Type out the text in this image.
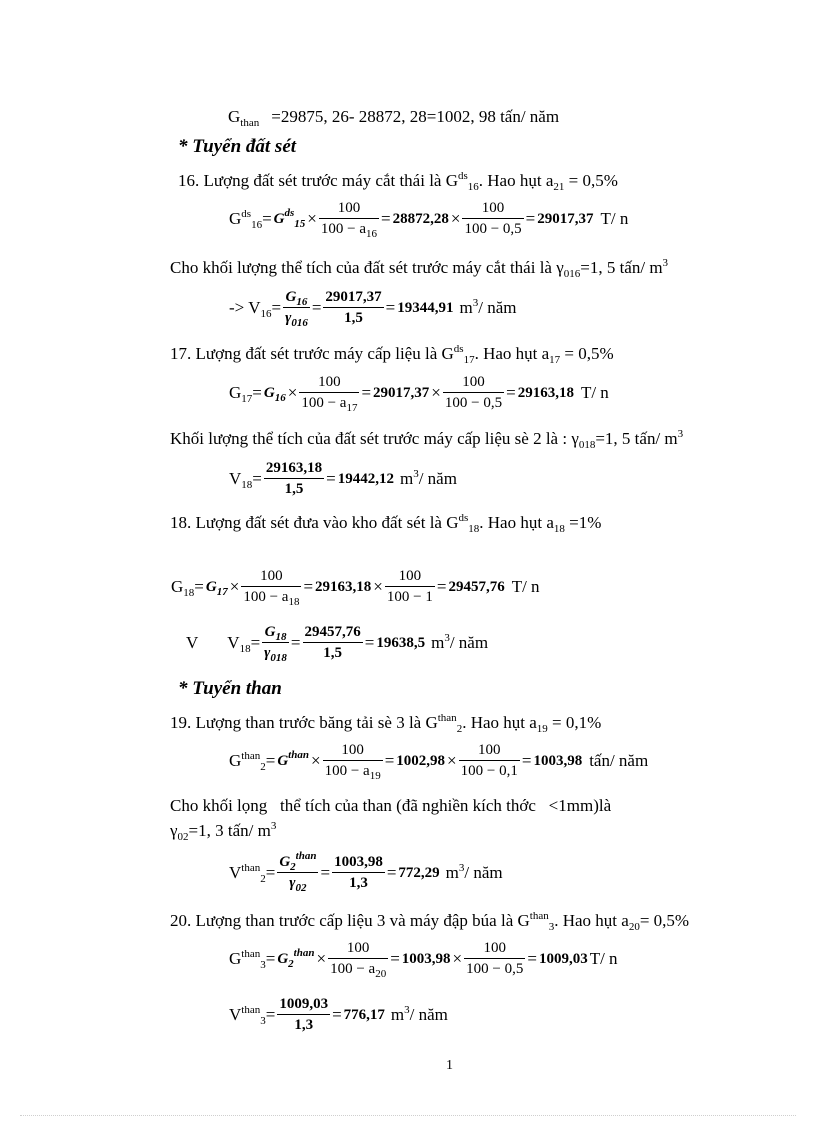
$G_{than} =29875$, 26- 28872, 28=1002, 98 tấn/ năm
* Tuyển đất sét
16. Lượng đất sét trước máy cắt thái là $G^{ds}_{16}$. Hao hụt $a_{21} = 0,5\%$
$G^{ds}_{16}= G^{ds}_{15} \times \frac{100}{100 - a_{16}} = 28872,28 \times \frac{100}{100 - 0,5} = 29017,37$ T/ n
Cho khối lượng thể tích của đất sét trước máy cắt thái là $\gamma_{016}=1$, 5 tấn/ $m^3$
-> $V_{16}= \frac{G_{16}}{\gamma_{016}} = \frac{29017,37}{1,5} = 19344,91$ $m^3/$ năm
17. Lượng đất sét trước máy cấp liệu là $G^{ds}_{17}$. Hao hụt $a_{17} = 0,5\%$
$G_{17}= G_{16} \times \frac{100}{100 - a_{17}} = 29017,37 \times \frac{100}{100 - 0,5} = 29163,18$ T/ n
Khối lượng thể tích của đất sét trước máy cấp liệu sè 2 là : $\gamma_{018}=1$, 5 tấn/ $m^3$
$V_{18}= \frac{29163,18}{1,5} = 19442,12$ $m^3/$ năm
18. Lượng đất sét đưa vào kho đất sét là $G^{ds}_{18}$. Hao hụt $a_{18} =1\%$
$G_{18}= G_{17} \times \frac{100}{100 - a_{18}} = 29163,18 \times \frac{100}{100 - 1} = 29457,76$ T/ n
V $V_{18}= \frac{G_{18}}{\gamma_{018}} = \frac{29457,76}{1,5} = 19638,5$ $m^3/$ năm
* Tuyển than
19. Lượng than trước băng tải sè 3 là $G^{than}_2$. Hao hụt $a_{19} = 0,1\%$
$G^{than}_2= G^{than} \times \frac{100}{100 - a_{19}} = 1002,98 \times \frac{100}{100 - 0,1} = 1003,98$ tấn/ năm
Cho khối lọng   thể tích của than (đã nghiền kích thớc   <1mm)là
$\gamma_{02}=1$, 3 tấn/ $m^3$
$V^{than}_2= \frac{G_2^{than}}{\gamma_{02}} = \frac{1003,98}{1,3} = 772,29$ $m^3/$ năm
20. Lượng than trước cấp liệu 3 và máy đập búa là $G^{than}_3$. Hao hụt $a_{20}= 0,5\%$
$G^{than}_3= G_2^{than} \times \frac{100}{100 - a_{20}} = 1003,98 \times \frac{100}{100 - 0,5} = 1009,03$ T/ n
$V^{than}_3= \frac{1009,03}{1,3} = 776,17$ $m^3/$ năm
1
